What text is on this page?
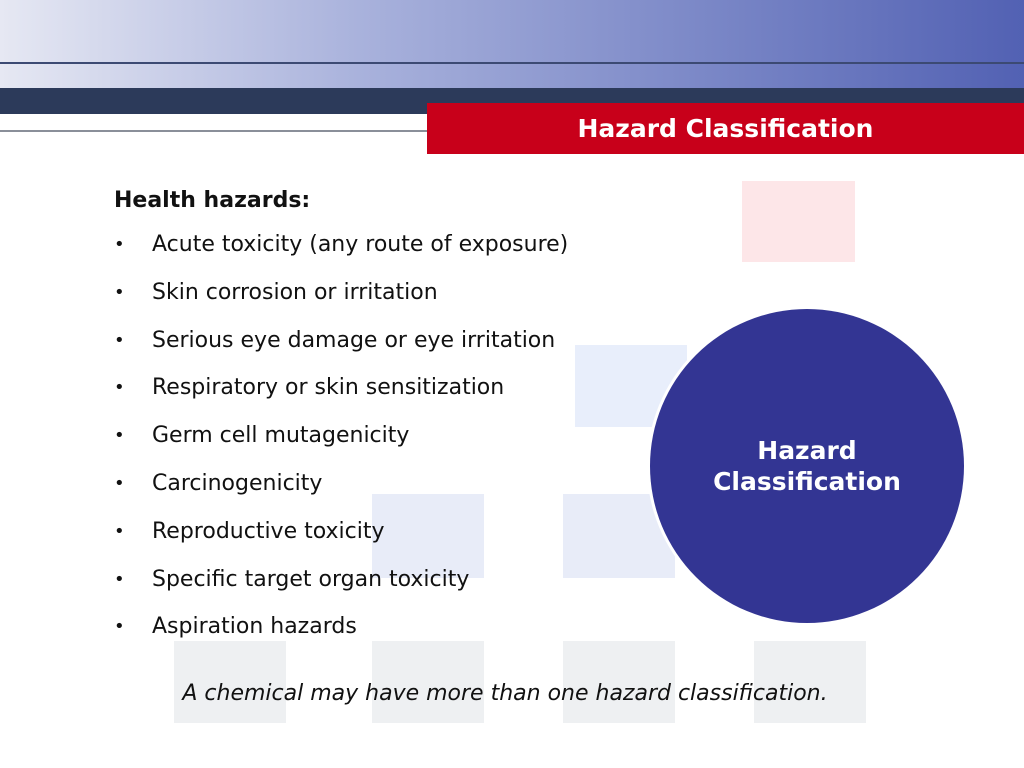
Hazard Classification
Health hazards:
• Acute toxicity (any route of exposure)
• Skin corrosion or irritation
• Serious eye damage or eye irritation
• Respiratory or skin sensitization
• Germ cell mutagenicity
• Carcinogenicity
• Reproductive toxicity
• Specific target organ toxicity
• Aspiration hazards
Hazard Classification
A chemical may have more than one hazard classification.
